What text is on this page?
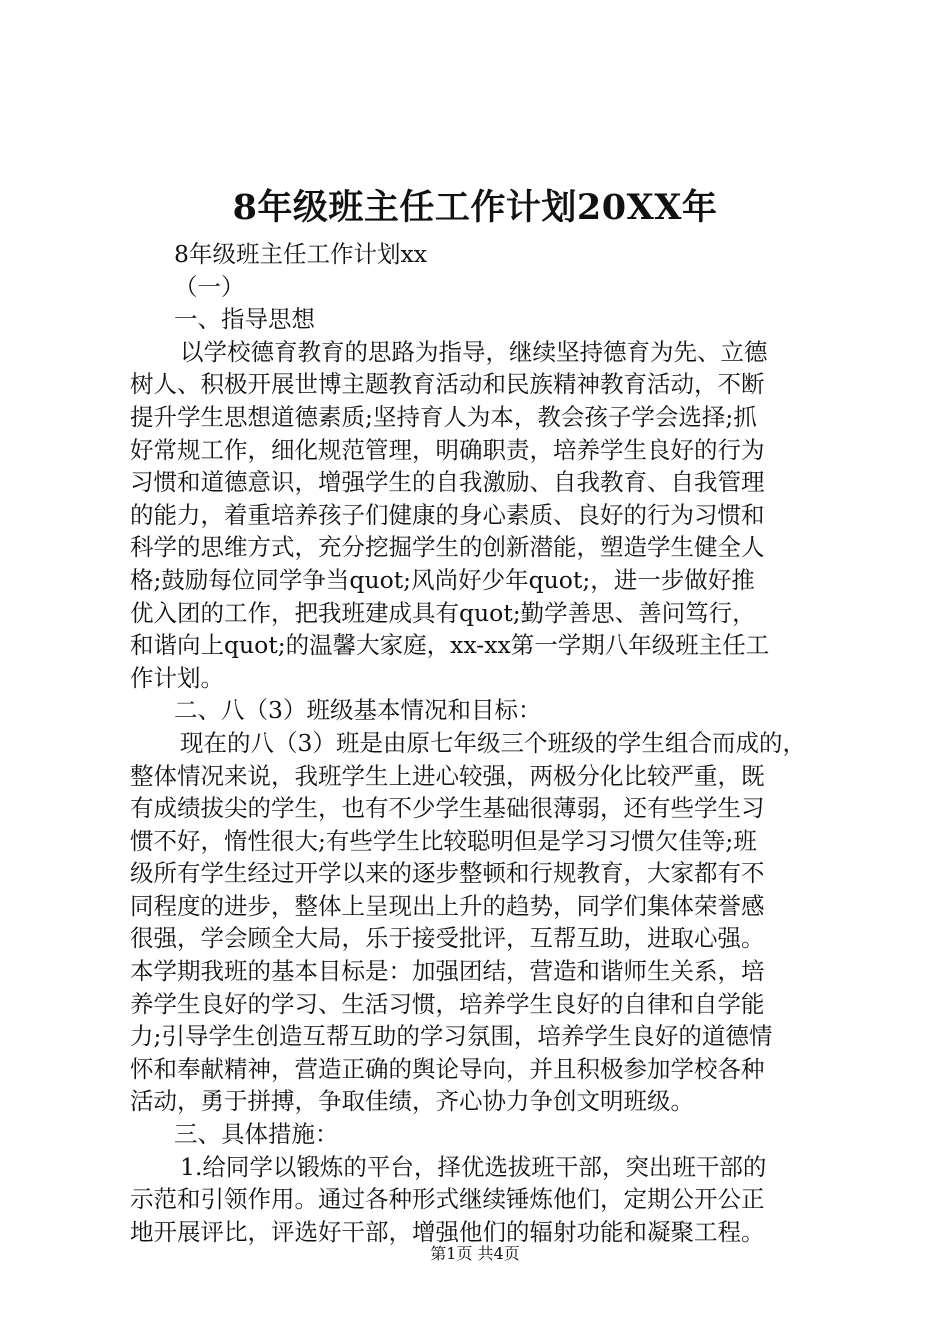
8年级班主任工作计划20XX年
8年级班主任工作计划xx
（一）
一、指导思想
以学校德育教育的思路为指导，继续坚持德育为先、立德
树人、积极开展世博主题教育活动和民族精神教育活动，不断
提升学生思想道德素质;坚持育人为本，教会孩子学会选择;抓
好常规工作，细化规范管理，明确职责，培养学生良好的行为
习惯和道德意识，增强学生的自我激励、自我教育、自我管理
的能力，着重培养孩子们健康的身心素质、良好的行为习惯和
科学的思维方式，充分挖掘学生的创新潜能，塑造学生健全人
格;鼓励每位同学争当quot;风尚好少年quot;，进一步做好推
优入团的工作，把我班建成具有quot;勤学善思、善问笃行，
和谐向上quot;的温馨大家庭，xx-xx第一学期八年级班主任工
作计划。
二、八（3）班级基本情况和目标：
现在的八（3）班是由原七年级三个班级的学生组合而成的，
整体情况来说，我班学生上进心较强，两极分化比较严重，既
有成绩拔尖的学生，也有不少学生基础很薄弱，还有些学生习
惯不好，惰性很大;有些学生比较聪明但是学习习惯欠佳等;班
级所有学生经过开学以来的逐步整顿和行规教育，大家都有不
同程度的进步，整体上呈现出上升的趋势，同学们集体荣誉感
很强，学会顾全大局，乐于接受批评，互帮互助，进取心强。
本学期我班的基本目标是：加强团结，营造和谐师生关系，培
养学生良好的学习、生活习惯，培养学生良好的自律和自学能
力;引导学生创造互帮互助的学习氛围，培养学生良好的道德情
怀和奉献精神，营造正确的舆论导向，并且积极参加学校各种
活动，勇于拼搏，争取佳绩，齐心协力争创文明班级。
三、具体措施：
1.给同学以锻炼的平台，择优选拔班干部，突出班干部的
示范和引领作用。通过各种形式继续锤炼他们，定期公开公正
地开展评比，评选好干部，增强他们的辐射功能和凝聚工程。
第1页 共4页
